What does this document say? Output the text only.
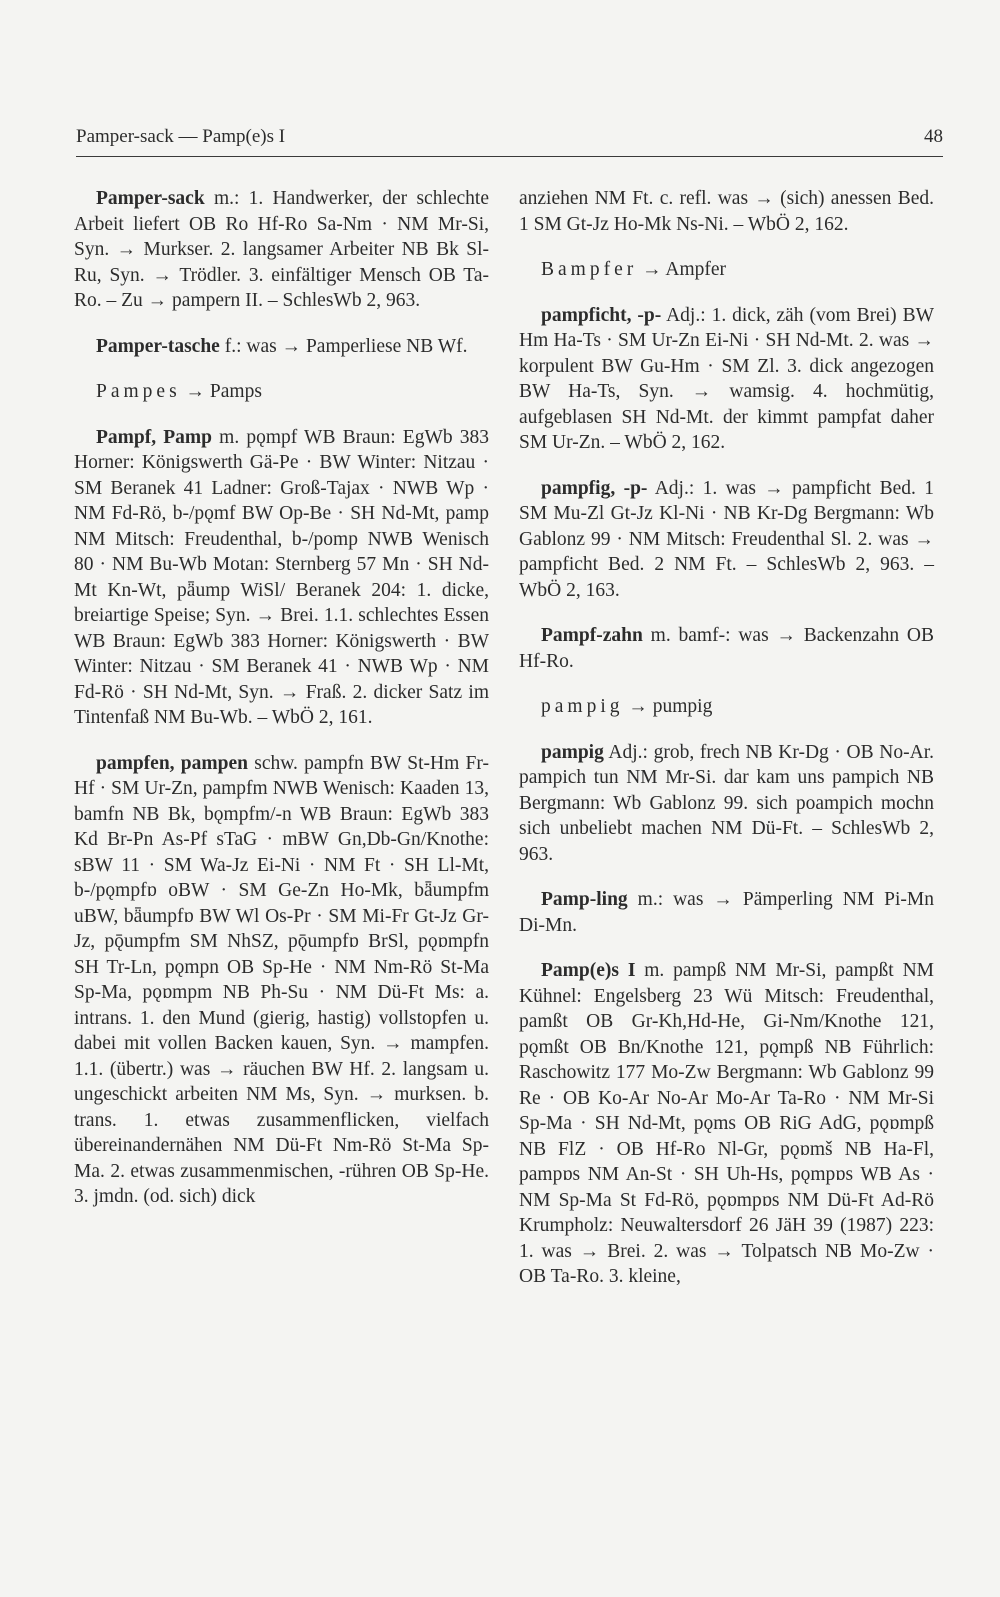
Pamper-sack — Pamp(e)s I	48

Pamper-sack m.: 1. Handwerker, der schlechte Arbeit liefert OB Ro Hf-Ro Sa-Nm · NM Mr-Si, Syn. → Murkser. 2. langsamer Arbeiter NB Bk Sl-Ru, Syn. → Trödler. 3. einfältiger Mensch OB Ta-Ro. – Zu → pampern II. – SchlesWb 2, 963.

Pamper-tasche f.: was → Pamperliese NB Wf.

Pampes → Pamps

Pampf, Pamp m. pǫmpf WB Braun: EgWb 383 Horner: Königswerth Gä-Pe · BW Winter: Nitzau · SM Beranek 41 Ladner: Groß-Tajax · NWB Wp · NM Fd-Rö, b-/pǫmf BW Op-Be · SH Nd-Mt, pamp NM Mitsch: Freudenthal, b-/pomp NWB Wenisch 80 · NM Bu-Wb Motan: Sternberg 57 Mn · SH Nd-Mt Kn-Wt, pǟump WiSl/ Beranek 204: 1. dicke, breiartige Speise; Syn. → Brei. 1.1. schlechtes Essen WB Braun: EgWb 383 Horner: Königswerth · BW Winter: Nitzau · SM Beranek 41 · NWB Wp · NM Fd-Rö · SH Nd-Mt, Syn. → Fraß. 2. dicker Satz im Tintenfaß NM Bu-Wb. – WbÖ 2, 161.

pampfen, pampen schw. pampfn BW St-Hm Fr-Hf · SM Ur-Zn, pampfm NWB Wenisch: Kaaden 13, bamfn NB Bk, bǫmpfm/-n WB Braun: EgWb 383 Kd Br-Pn As-Pf sTaG · mBW Gn,Db-Gn/Knothe: sBW 11 · SM Wa-Jz Ei-Ni · NM Ft · SH Ll-Mt, b-/pǫmpfɒ oBW · SM Ge-Zn Ho-Mk, bǟumpfm uBW, bǟumpfɒ BW Wl Os-Pr · SM Mi-Fr Gt-Jz Gr-Jz, pǭumpfm SM NhSZ, pǭumpfɒ BrSl, pǫɒmpfn SH Tr-Ln, pǫmpn OB Sp-He · NM Nm-Rö St-Ma Sp-Ma, pǫɒmpm NB Ph-Su · NM Dü-Ft Ms: a. intrans. 1. den Mund (gierig, hastig) vollstopfen u. dabei mit vollen Backen kauen, Syn. → mampfen. 1.1. (übertr.) was → räuchen BW Hf. 2. langsam u. ungeschickt arbeiten NM Ms, Syn. → murksen. b. trans. 1. etwas zusammenflicken, vielfach übereinandernähen NM Dü-Ft Nm-Rö St-Ma Sp-Ma. 2. etwas zusammenmischen, -rühren OB Sp-He. 3. jmdn. (od. sich) dick

anziehen NM Ft. c. refl. was → (sich) anessen Bed. 1 SM Gt-Jz Ho-Mk Ns-Ni. – WbÖ 2, 162.

Bampfer → Ampfer

pampficht, -p- Adj.: 1. dick, zäh (vom Brei) BW Hm Ha-Ts · SM Ur-Zn Ei-Ni · SH Nd-Mt. 2. was → korpulent BW Gu-Hm · SM Zl. 3. dick angezogen BW Ha-Ts, Syn. → wamsig. 4. hochmütig, aufgeblasen SH Nd-Mt. der kimmt pampfat daher SM Ur-Zn. – WbÖ 2, 162.

pampfig, -p- Adj.: 1. was → pampficht Bed. 1 SM Mu-Zl Gt-Jz Kl-Ni · NB Kr-Dg Bergmann: Wb Gablonz 99 · NM Mitsch: Freudenthal Sl. 2. was → pampficht Bed. 2 NM Ft. – SchlesWb 2, 963. – WbÖ 2, 163.

Pampf-zahn m. bamf-: was → Backenzahn OB Hf-Ro.

pampig → pumpig

pampig Adj.: grob, frech NB Kr-Dg · OB No-Ar. pampich tun NM Mr-Si. dar kam uns pampich NB Bergmann: Wb Gablonz 99. sich poampich mochn sich unbeliebt machen NM Dü-Ft. – SchlesWb 2, 963.

Pamp-ling m.: was → Pämperling NM Pi-Mn Di-Mn.

Pamp(e)s I m. pampß NM Mr-Si, pampßt NM Kühnel: Engelsberg 23 Wü Mitsch: Freudenthal, pamßt OB Gr-Kh,Hd-He, Gi-Nm/Knothe 121, pǫmßt OB Bn/Knothe 121, pǫmpß NB Führlich: Raschowitz 177 Mo-Zw Bergmann: Wb Gablonz 99 Re · OB Ko-Ar No-Ar Mo-Ar Ta-Ro · NM Mr-Si Sp-Ma · SH Nd-Mt, pǫms OB RiG AdG, pǫɒmpß NB FlZ · OB Hf-Ro Nl-Gr, pǫɒmš NB Ha-Fl, pampɒs NM An-St · SH Uh-Hs, pǫmpɒs WB As · NM Sp-Ma St Fd-Rö, pǫɒmpɒs NM Dü-Ft Ad-Rö Krumpholz: Neuwaltersdorf 26 JäH 39 (1987) 223: 1. was → Brei. 2. was → Tolpatsch NB Mo-Zw · OB Ta-Ro. 3. kleine,
